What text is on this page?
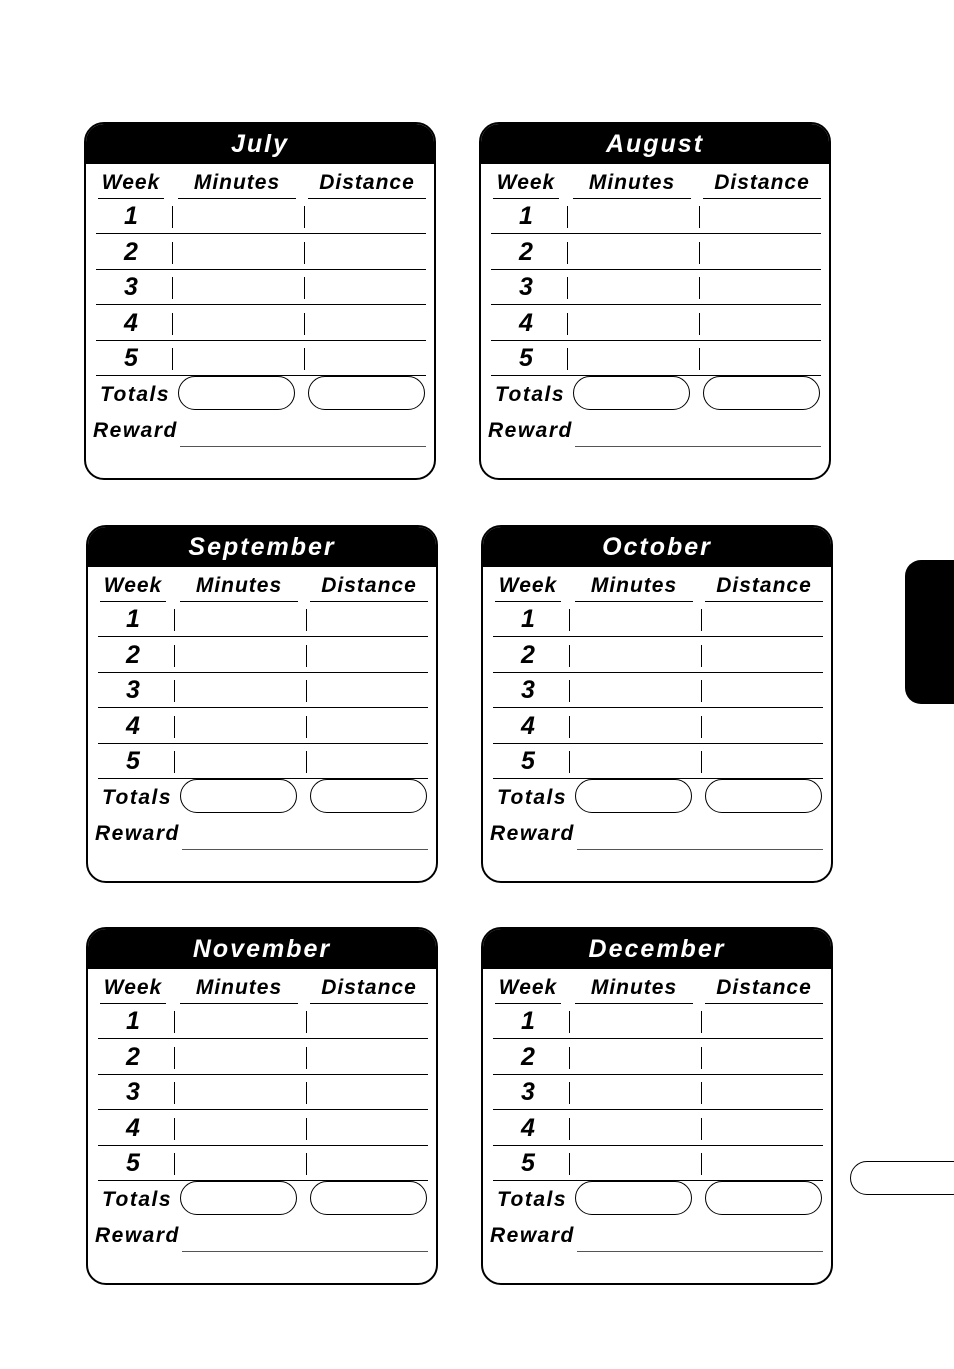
July
Week	Minutes	Distance
1
2
3
4
5
Totals
Reward
August
Week	Minutes	Distance
1
2
3
4
5
Totals
Reward
September
Week	Minutes	Distance
1
2
3
4
5
Totals
Reward
October
Week	Minutes	Distance
1
2
3
4
5
Totals
Reward
November
Week	Minutes	Distance
1
2
3
4
5
Totals
Reward
December
Week	Minutes	Distance
1
2
3
4
5
Totals
Reward
